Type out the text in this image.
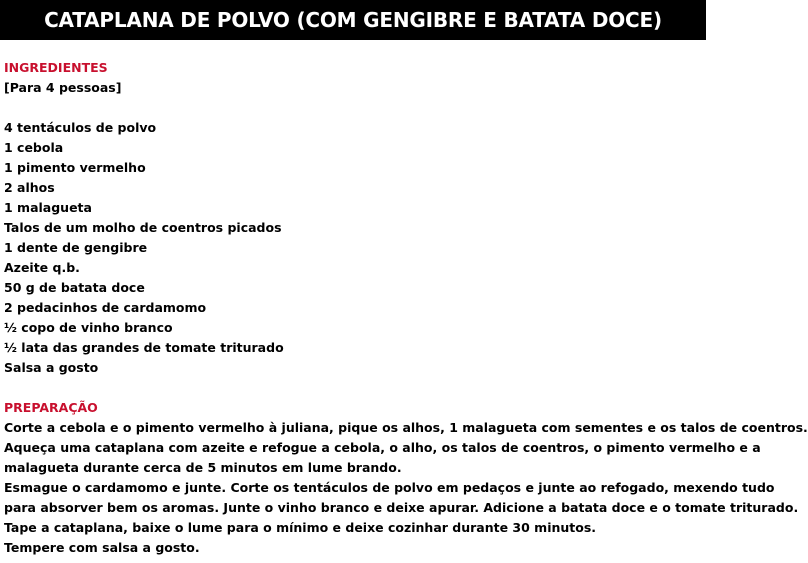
CATAPLANA DE POLVO (COM GENGIBRE E BATATA DOCE)
INGREDIENTES
[Para 4 pessoas]
4 tentáculos de polvo
1 cebola
1 pimento vermelho
2 alhos
1 malagueta
Talos de um molho de coentros picados
1 dente de gengibre
Azeite q.b.
50 g de batata doce
2 pedacinhos de cardamomo
½ copo de vinho branco
½ lata das grandes de tomate triturado
Salsa a gosto
PREPARAÇÃO
Corte a cebola e o pimento vermelho à juliana, pique os alhos, 1 malagueta com sementes e os talos de coentros.
Aqueça uma cataplana com azeite e refogue a cebola, o alho, os talos de coentros, o pimento vermelho e a
malagueta durante cerca de 5 minutos em lume brando.
Esmague o cardamomo e junte. Corte os tentáculos de polvo em pedaços e junte ao refogado, mexendo tudo
para absorver bem os aromas. Junte o vinho branco e deixe apurar. Adicione a batata doce e o tomate triturado.
Tape a cataplana, baixe o lume para o mínimo e deixe cozinhar durante 30 minutos.
Tempere com salsa a gosto.
